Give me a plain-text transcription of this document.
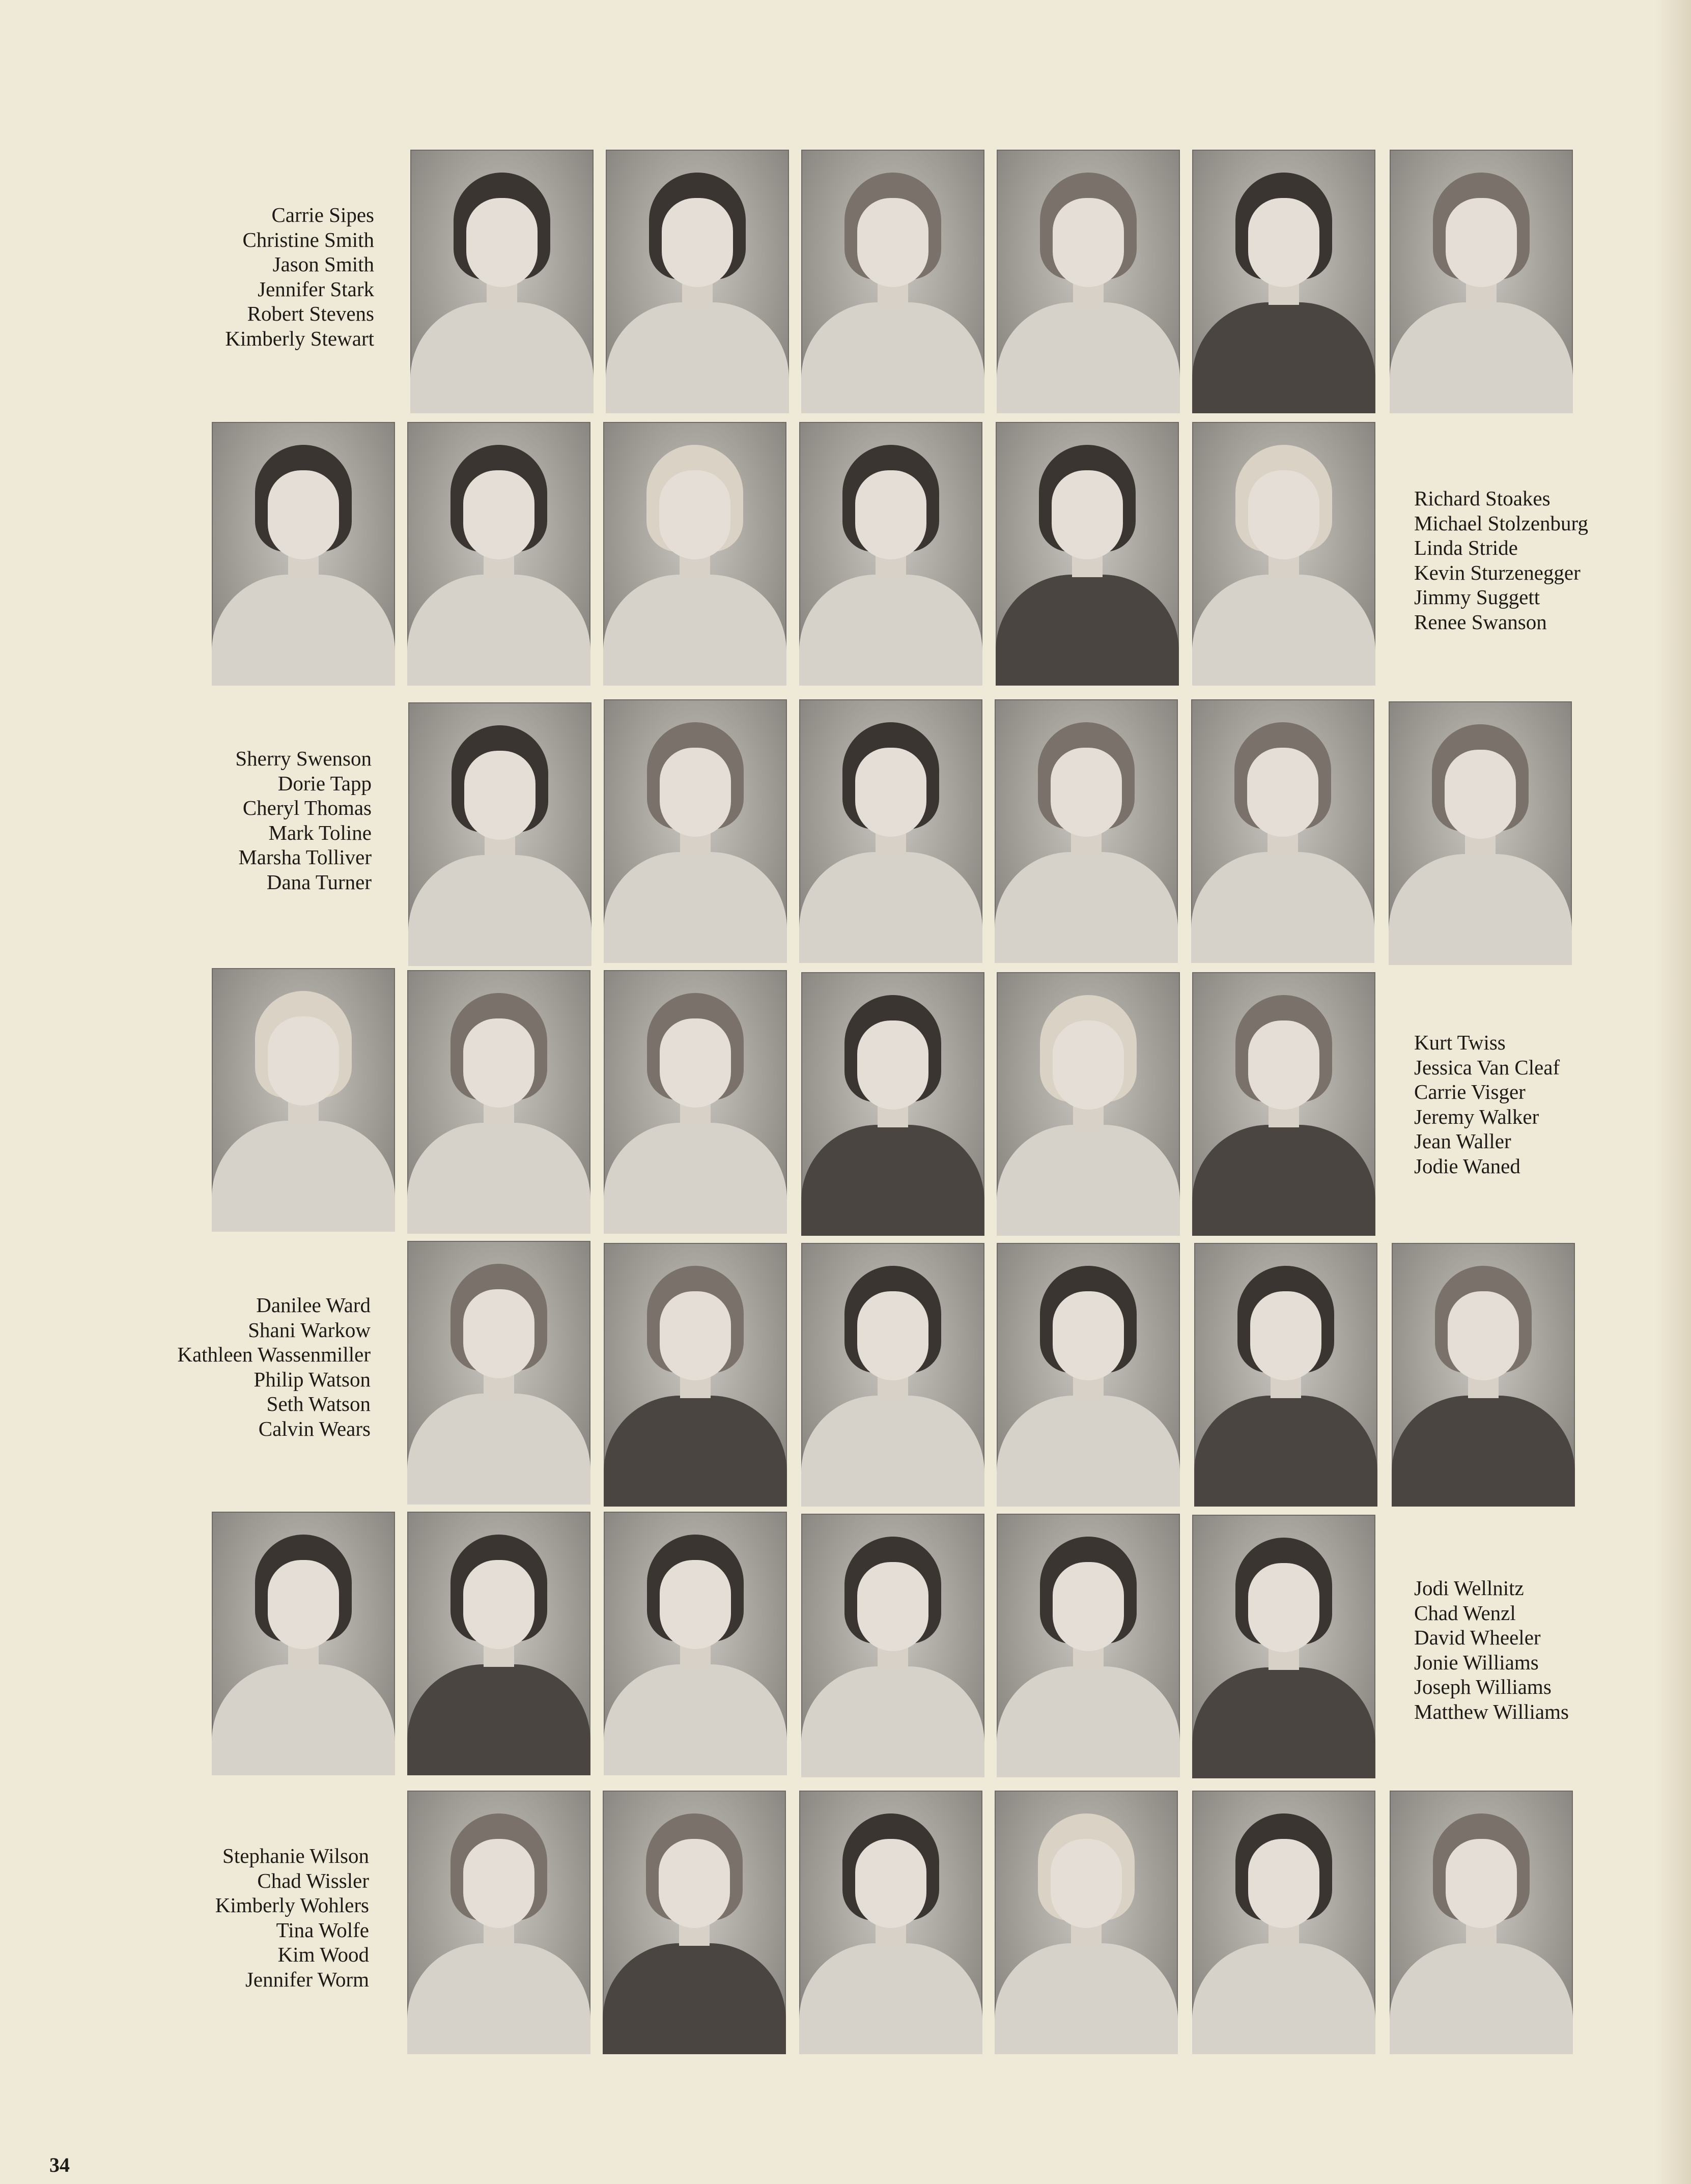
Carrie Sipes
Christine Smith
Jason Smith
Jennifer Stark
Robert Stevens
Kimberly Stewart
Richard Stoakes
Michael Stolzenburg
Linda Stride
Kevin Sturzenegger
Jimmy Suggett
Renee Swanson
Sherry Swenson
Dorie Tapp
Cheryl Thomas
Mark Toline
Marsha Tolliver
Dana Turner
Kurt Twiss
Jessica Van Cleaf
Carrie Visger
Jeremy Walker
Jean Waller
Jodie Waned
Danilee Ward
Shani Warkow
Kathleen Wassenmiller
Philip Watson
Seth Watson
Calvin Wears
Jodi Wellnitz
Chad Wenzl
David Wheeler
Jonie Williams
Joseph Williams
Matthew Williams
Stephanie Wilson
Chad Wissler
Kimberly Wohlers
Tina Wolfe
Kim Wood
Jennifer Worm
34
